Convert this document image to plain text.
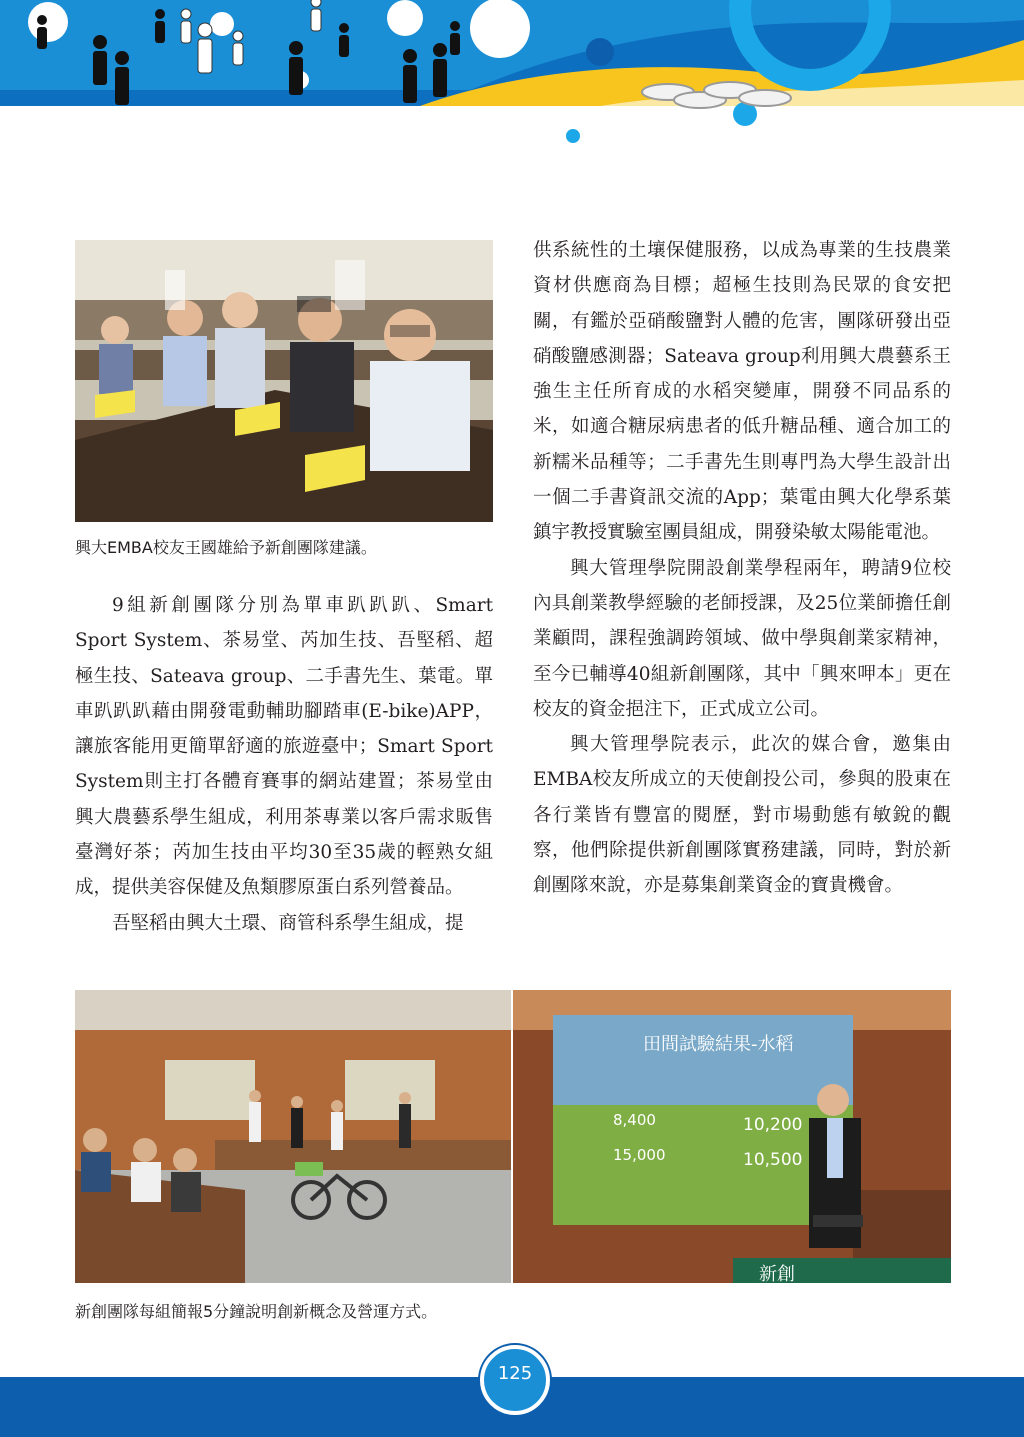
興大EMBA校友王國雄給予新創團隊建議。

9組新創團隊分別為單車趴趴趴、Smart Sport System、茶易堂、芮加生技、吾堅稻、超極生技、Sateava group、二手書先生、葉電。單車趴趴趴藉由開發電動輔助腳踏車(E-bike)APP，讓旅客能用更簡單舒適的旅遊臺中；Smart Sport System則主打各體育賽事的網站建置；茶易堂由興大農藝系學生組成，利用茶專業以客戶需求販售臺灣好茶；芮加生技由平均30至35歲的輕熟女組成，提供美容保健及魚類膠原蛋白系列營養品。

吾堅稻由興大土環、商管科系學生組成，提

供系統性的土壤保健服務，以成為專業的生技農業資材供應商為目標；超極生技則為民眾的食安把關，有鑑於亞硝酸鹽對人體的危害，團隊研發出亞硝酸鹽感測器；Sateava group利用興大農藝系王強生主任所育成的水稻突變庫，開發不同品系的米，如適合糖尿病患者的低升糖品種、適合加工的新糯米品種等；二手書先生則專門為大學生設計出一個二手書資訊交流的App；葉電由興大化學系葉鎮宇教授實驗室團員組成，開發染敏太陽能電池。

興大管理學院開設創業學程兩年，聘請9位校內具創業教學經驗的老師授課，及25位業師擔任創業顧問，課程強調跨領域、做中學與創業家精神，至今已輔導40組新創團隊，其中「興來呷本」更在校友的資金挹注下，正式成立公司。

興大管理學院表示，此次的媒合會，邀集由EMBA校友所成立的天使創投公司，參與的股東在各行業皆有豐富的閱歷，對市場動態有敏銳的觀察，他們除提供新創團隊實務建議，同時，對於新創團隊來說，亦是募集創業資金的寶貴機會。

田間試驗結果-水稻
8,400	10,200
15,000	10,500
新創
新創團隊每組簡報5分鐘說明創新概念及營運方式。
125
